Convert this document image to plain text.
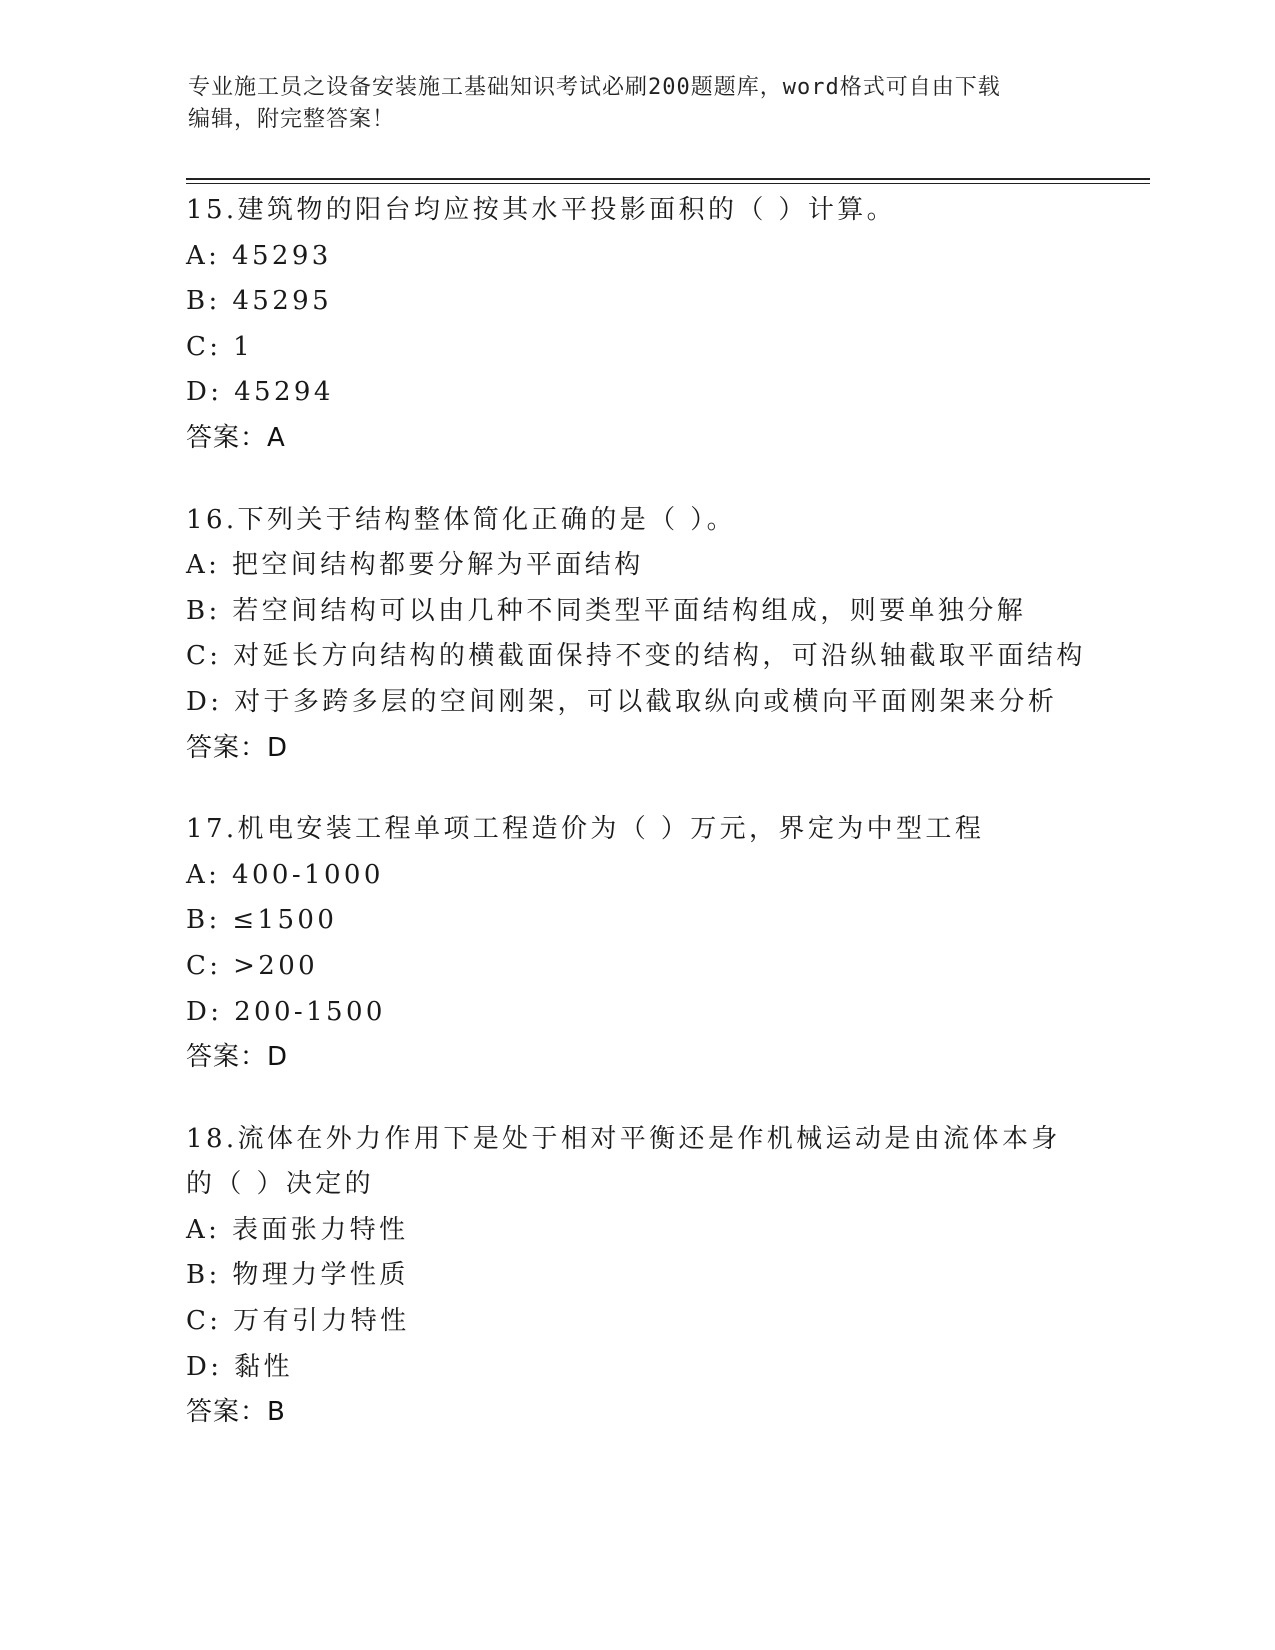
专业施工员之设备安装施工基础知识考试必刷200题题库，word格式可自由下载
编辑，附完整答案！
15.建筑物的阳台均应按其水平投影面积的（ ）计算。
A: 45293
B: 45295
C: 1
D: 45294
答案：A
16.下列关于结构整体简化正确的是（ ）。
A: 把空间结构都要分解为平面结构
B: 若空间结构可以由几种不同类型平面结构组成，则要单独分解
C: 对延长方向结构的横截面保持不变的结构，可沿纵轴截取平面结构
D: 对于多跨多层的空间刚架，可以截取纵向或横向平面刚架来分析
答案：D
17.机电安装工程单项工程造价为（ ）万元，界定为中型工程
A: 400-1000
B: ≤1500
C: >200
D: 200-1500
答案：D
18.流体在外力作用下是处于相对平衡还是作机械运动是由流体本身的（ ）决定的
A: 表面张力特性
B: 物理力学性质
C: 万有引力特性
D: 黏性
答案：B
